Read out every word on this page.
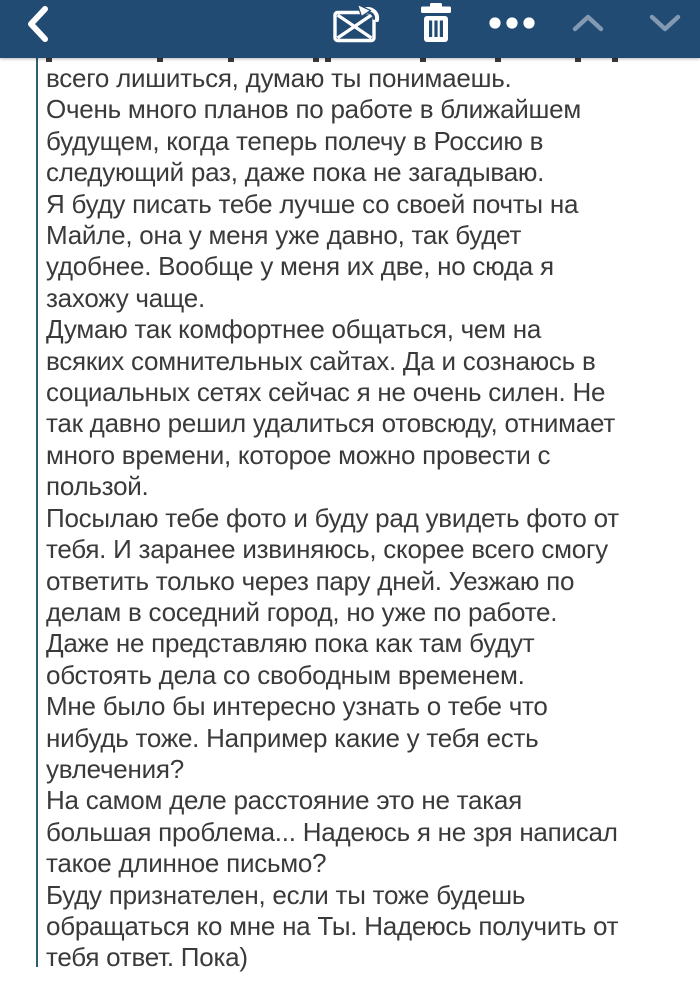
всего лишиться, думаю ты понимаешь.
Очень много планов по работе в ближайшем
будущем, когда теперь полечу в Россию в
следующий раз, даже пока не загадываю.
Я буду писать тебе лучше со своей почты на
Майле, она у меня уже давно, так будет
удобнее. Вообще у меня их две, но сюда я
захожу чаще.
Думаю так комфортнее общаться, чем на
всяких сомнительных сайтах. Да и сознаюсь в
социальных сетях сейчас я не очень силен. Не
так давно решил удалиться отовсюду, отнимает
много времени, которое можно провести с
пользой.
Посылаю тебе фото и буду рад увидеть фото от
тебя. И заранее извиняюсь, скорее всего смогу
ответить только через пару дней. Уезжаю по
делам в соседний город, но уже по работе.
Даже не представляю пока как там будут
обстоять дела со свободным временем.
Мне было бы интересно узнать о тебе что
нибудь тоже. Например какие у тебя есть
увлечения?
На самом деле расстояние это не такая
большая проблема... Надеюсь я не зря написал
такое длинное письмо?
Буду признателен, если ты тоже будешь
обращаться ко мне на Ты. Надеюсь получить от
тебя ответ. Пока)
